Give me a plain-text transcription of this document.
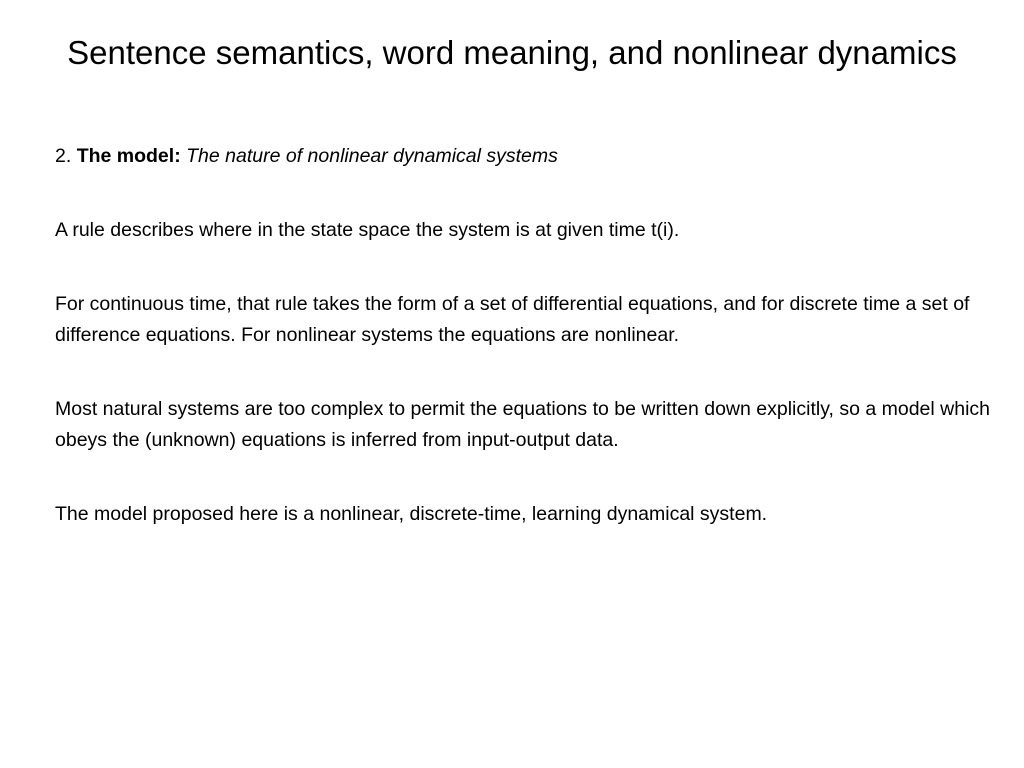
Sentence semantics, word meaning, and nonlinear dynamics

2. The model: The nature of nonlinear dynamical systems

A rule describes where in the state space the system is at given time t(i).

For continuous time, that rule takes the form of a set of differential equations, and for discrete time a set of difference equations. For nonlinear systems the equations are nonlinear.

Most natural systems are too complex to permit the equations to be written down explicitly, so a model which obeys the (unknown) equations is inferred from input-output data.

The model proposed here is a nonlinear, discrete-time, learning dynamical system.
